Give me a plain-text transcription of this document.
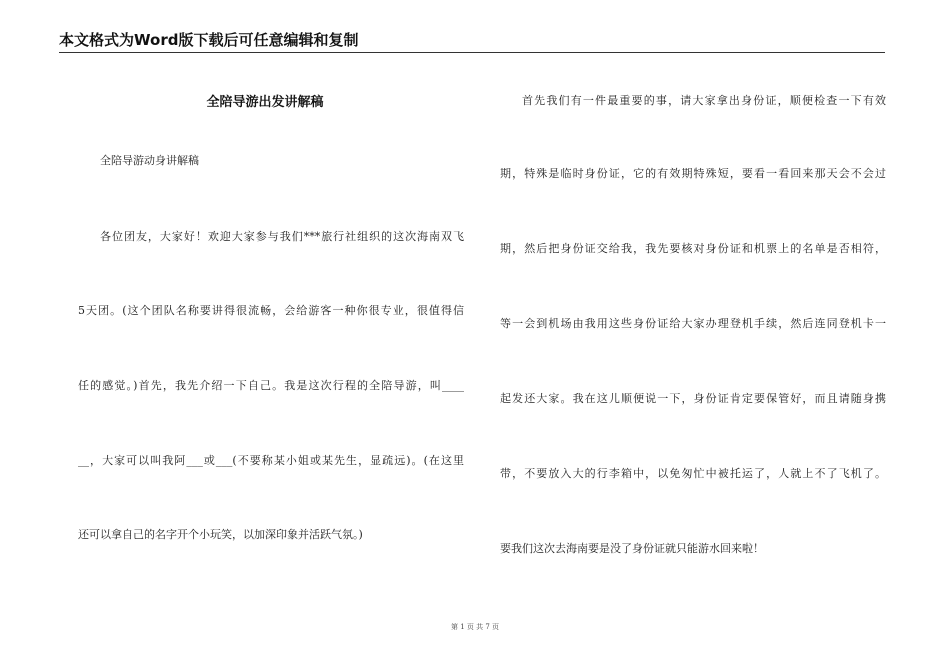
本文格式为Word版下载后可任意编辑和复制
全陪导游出发讲解稿
全陪导游动身讲解稿
各位团友，大家好！欢迎大家参与我们***旅行社组织的这次海南双飞
5天团。(这个团队名称要讲得很流畅，会给游客一种你很专业，很值得信
任的感觉。)首先，我先介绍一下自己。我是这次行程的全陪导游，叫____
__，大家可以叫我阿___或___(不要称某小姐或某先生，显疏远)。(在这里
还可以拿自己的名字开个小玩笑，以加深印象并活跃气氛。)
首先我们有一件最重要的事，请大家拿出身份证，顺便检查一下有效
期，特殊是临时身份证，它的有效期特殊短，要看一看回来那天会不会过
期，然后把身份证交给我，我先要核对身份证和机票上的名单是否相符，
等一会到机场由我用这些身份证给大家办理登机手续，然后连同登机卡一
起发还大家。我在这儿顺便说一下，身份证肯定要保管好，而且请随身携
带，不要放入大的行李箱中，以免匆忙中被托运了，人就上不了飞机了。
要我们这次去海南要是没了身份证就只能游水回来啦！
第 1 页 共 7 页
